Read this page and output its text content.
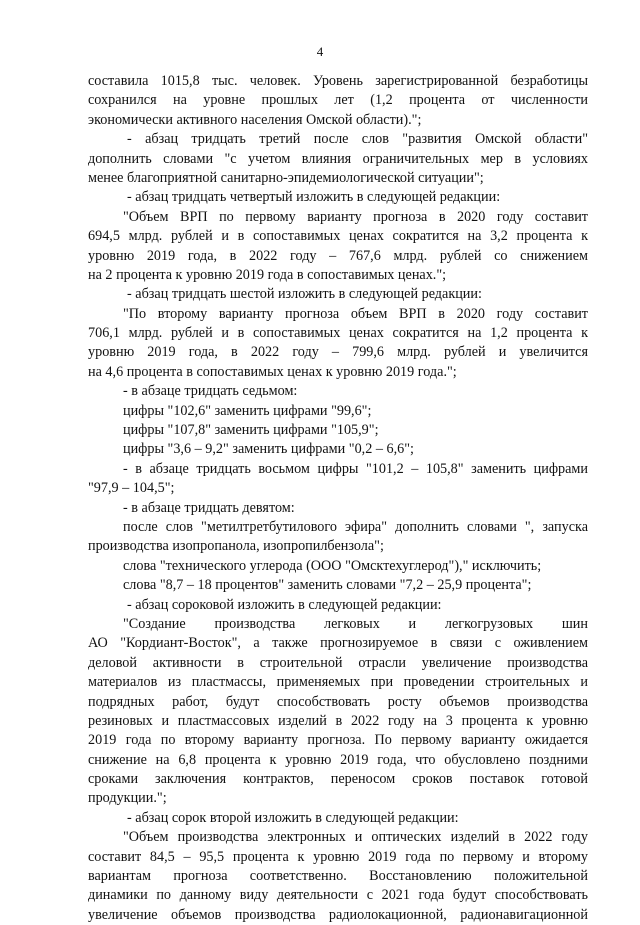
4
составила 1015,8 тыс. человек. Уровень зарегистрированной безработицы
сохранился на уровне прошлых лет (1,2 процента от численности
экономически активного населения Омской области).";
- абзац тридцать третий после слов "развития Омской области"
дополнить словами "с учетом влияния ограничительных мер в условиях
менее благоприятной санитарно-эпидемиологической ситуации";
- абзац тридцать четвертый изложить в следующей редакции:
"Объем ВРП по первому варианту прогноза в 2020 году составит
694,5 млрд. рублей и в сопоставимых ценах сократится на 3,2 процента к
уровню 2019 года, в 2022 году – 767,6 млрд. рублей со снижением
на 2 процента к уровню 2019 года в сопоставимых ценах.";
- абзац тридцать шестой изложить в следующей редакции:
"По второму варианту прогноза объем ВРП в 2020 году составит
706,1 млрд. рублей и в сопоставимых ценах сократится на 1,2 процента к
уровню 2019 года, в 2022 году – 799,6 млрд. рублей и увеличится
на 4,6 процента в сопоставимых ценах к уровню 2019 года.";
- в абзаце тридцать седьмом:
цифры "102,6" заменить цифрами "99,6";
цифры "107,8" заменить цифрами "105,9";
цифры "3,6 – 9,2" заменить цифрами "0,2 – 6,6";
- в абзаце тридцать восьмом цифры "101,2 – 105,8" заменить цифрами
"97,9 – 104,5";
- в абзаце тридцать девятом:
после слов "метилтретбутилового эфира" дополнить словами ", запуска
производства изопропанола, изопропилбензола";
слова "технического углерода (ООО "Омсктехуглерод")," исключить;
слова "8,7 – 18 процентов" заменить словами "7,2 – 25,9 процента";
- абзац сороковой изложить в следующей редакции:
"Создание производства легковых и легкогрузовых шин
АО "Кордиант-Восток", а также прогнозируемое в связи с оживлением
деловой активности в строительной отрасли увеличение производства
материалов из пластмассы, применяемых при проведении строительных и
подрядных работ, будут способствовать росту объемов производства
резиновых и пластмассовых изделий в 2022 году на 3 процента к уровню
2019 года по второму варианту прогноза. По первому варианту ожидается
снижение на 6,8 процента к уровню 2019 года, что обусловлено поздними
сроками заключения контрактов, переносом сроков поставок готовой
продукции.";
- абзац сорок второй изложить в следующей редакции:
"Объем производства электронных и оптических изделий в 2022 году
составит 84,5 – 95,5 процента к уровню 2019 года по первому и второму
вариантам прогноза соответственно. Восстановлению положительной
динамики по данному виду деятельности с 2021 года будут способствовать
увеличение объемов производства радиолокационной, радионавигационной
